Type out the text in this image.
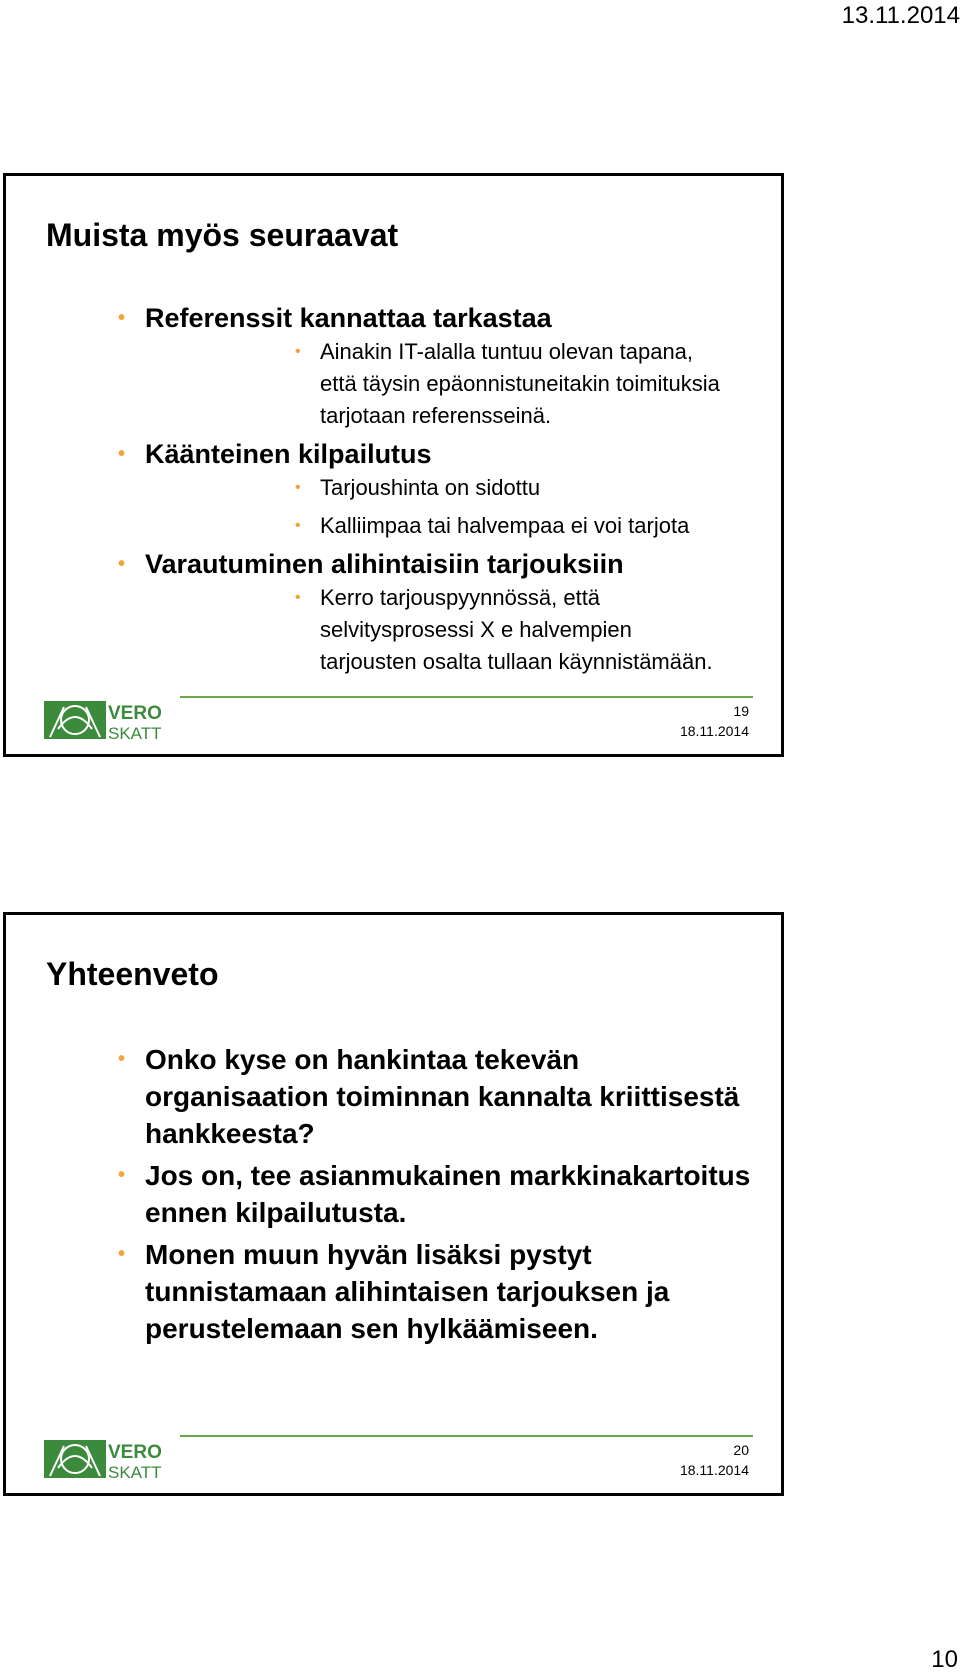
13.11.2014
Muista myös seuraavat
• Referenssit kannattaa tarkastaa
• Ainakin IT-alalla tuntuu olevan tapana, että täysin epäonnistuneitakin toimituksia tarjotaan referensseinä.
• Käänteinen kilpailutus
• Tarjoushinta on sidottu
• Kalliimpaa tai halvempaa ei voi tarjota
• Varautuminen alihintaisiin tarjouksiin
• Kerro tarjouspyynnössä, että selvitysprosessi X e halvempien tarjousten osalta tullaan käynnistämään.
VERO
SKATT
19
18.11.2014
Yhteenveto
• Onko kyse on hankintaa tekevän organisaation toiminnan kannalta kriittisestä hankkeesta?
• Jos on, tee asianmukainen markkinakartoitus ennen kilpailutusta.
• Monen muun hyvän lisäksi pystyt tunnistamaan alihintaisen tarjouksen ja perustelemaan sen hylkäämiseen.
VERO
SKATT
20
18.11.2014
10
